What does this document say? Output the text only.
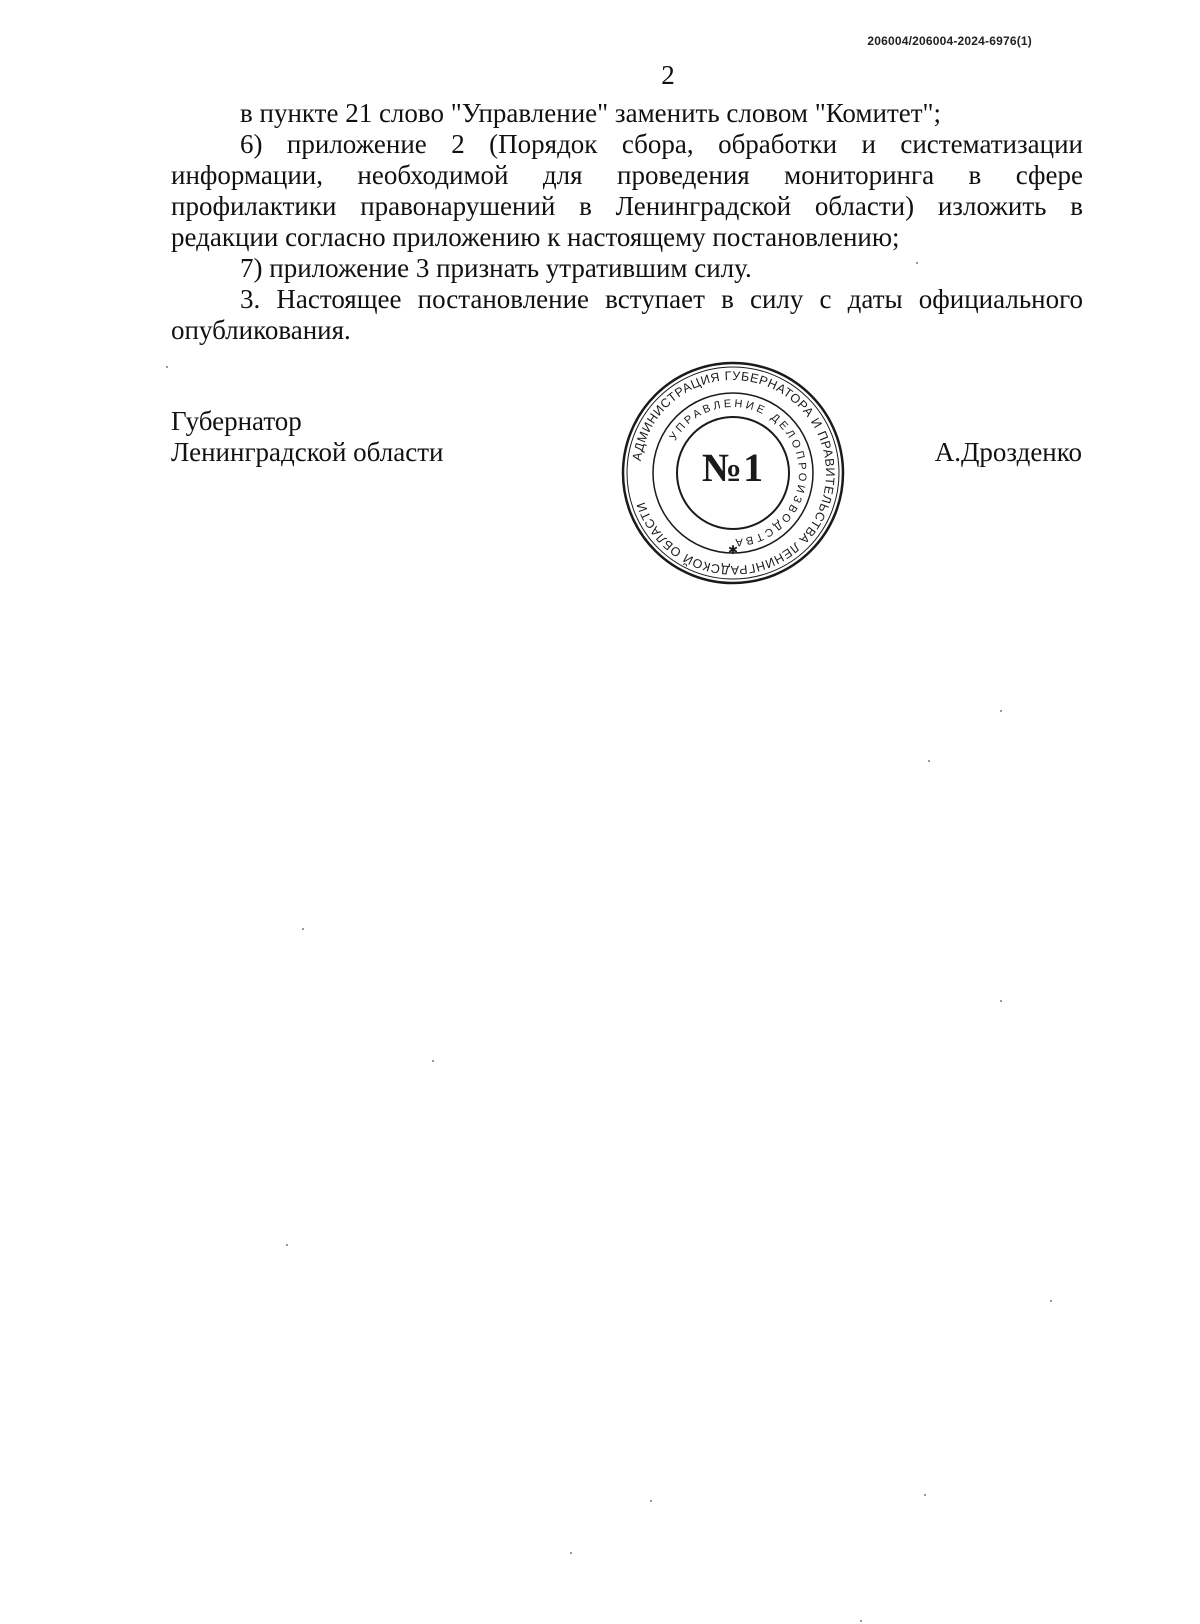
206004/206004-2024-6976(1)
2

в пункте 21 слово "Управление" заменить словом "Комитет";

6) приложение 2 (Порядок сбора, обработки и систематизации информации, необходимой для проведения мониторинга в сфере профилактики правонарушений в Ленинградской области) изложить в редакции согласно приложению к настоящему постановлению;

7) приложение 3 признать утратившим силу.

3. Настоящее постановление вступает в силу с даты официального опубликования.

Губернатор
Ленинградской области	А.Дрозденко
АДМИНИСТРАЦИЯ ГУБЕРНАТОРА И ПРАВИТЕЛЬСТВА ЛЕНИНГРАДСКОЙ ОБЛАСТИ
УПРАВЛЕНИЕ ДЕЛОПРОИЗВОДСТВА
✱
№1
